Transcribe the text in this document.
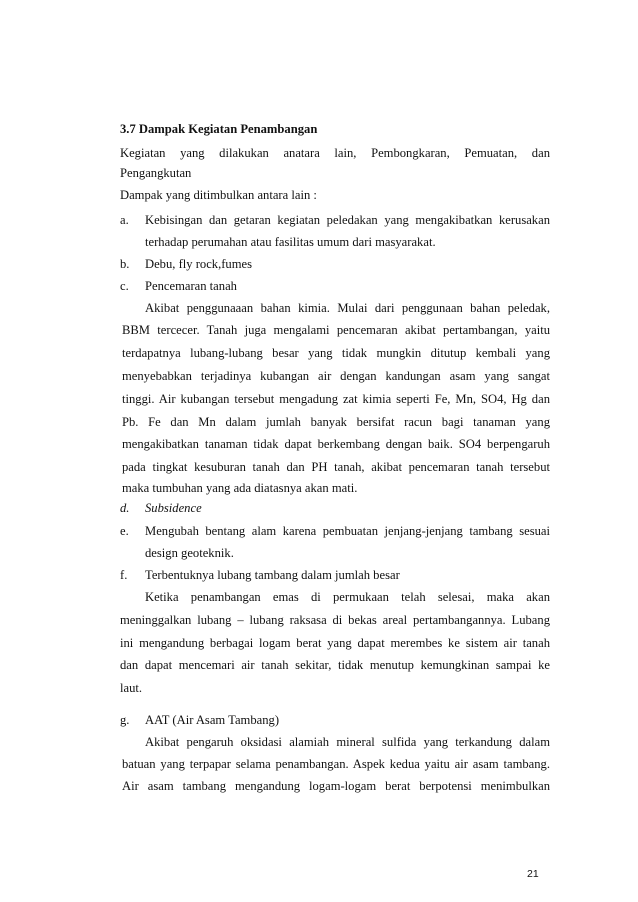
3.7 Dampak Kegiatan Penambangan
Kegiatan yang dilakukan anatara lain, Pembongkaran, Pemuatan, dan
Pengangkutan
Dampak yang ditimbulkan antara lain :
a. Kebisingan dan getaran kegiatan peledakan yang mengakibatkan kerusakan
terhadap perumahan atau fasilitas umum dari masyarakat.
b. Debu, fly rock,fumes
c. Pencemaran tanah
Akibat penggunaaan bahan kimia. Mulai dari penggunaan bahan peledak,
BBM tercecer. Tanah juga mengalami pencemaran akibat pertambangan, yaitu
terdapatnya lubang-lubang besar yang tidak mungkin ditutup kembali yang
menyebabkan terjadinya kubangan air dengan kandungan asam yang sangat
tinggi. Air kubangan tersebut mengadung zat kimia seperti Fe, Mn, SO4, Hg dan
Pb. Fe dan Mn dalam jumlah banyak bersifat racun bagi tanaman yang
mengakibatkan tanaman tidak dapat berkembang dengan baik. SO4 berpengaruh
pada tingkat kesuburan tanah dan PH tanah, akibat pencemaran tanah tersebut
maka tumbuhan yang ada diatasnya akan mati.
d. Subsidence
e. Mengubah bentang alam karena pembuatan jenjang-jenjang tambang sesuai
design geoteknik.
f. Terbentuknya lubang tambang dalam jumlah besar
Ketika penambangan emas di permukaan telah selesai, maka akan
meninggalkan lubang – lubang raksasa di bekas areal pertambangannya. Lubang
ini mengandung berbagai logam berat yang dapat merembes ke sistem air tanah
dan dapat mencemari air tanah sekitar, tidak menutup kemungkinan sampai ke
laut.
g. AAT (Air Asam Tambang)
Akibat pengaruh oksidasi alamiah mineral sulfida yang terkandung dalam
batuan yang terpapar selama penambangan. Aspek kedua yaitu air asam tambang.
Air asam tambang mengandung logam-logam berat berpotensi menimbulkan
21
